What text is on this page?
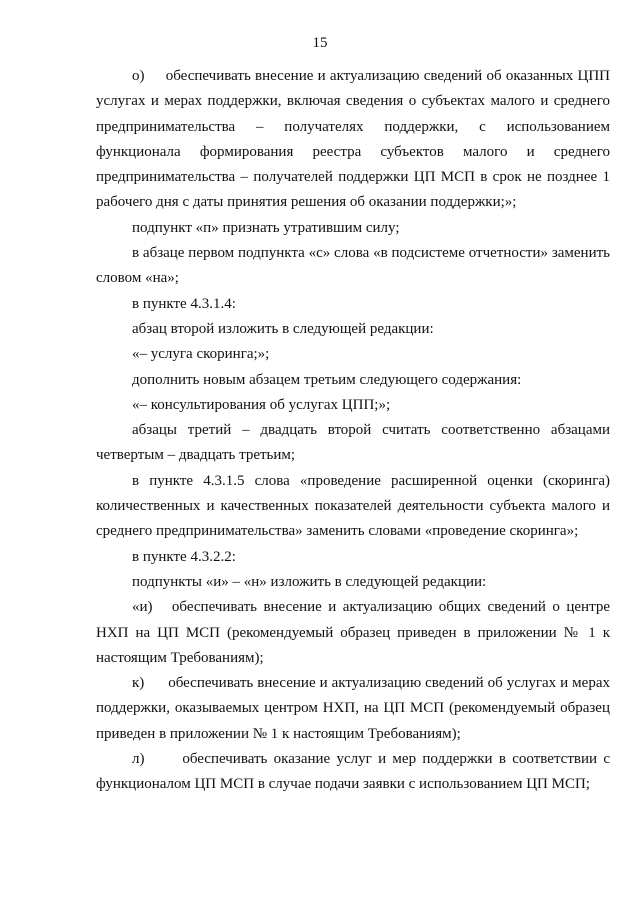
15

о)     обеспечивать внесение и актуализацию сведений об оказанных ЦПП услугах и мерах поддержки, включая сведения о субъектах малого и среднего предпринимательства – получателях поддержки, с использованием функционала формирования реестра субъектов малого и среднего предпринимательства – получателей поддержки ЦП МСП в срок не позднее 1 рабочего дня с даты принятия решения об оказании поддержки;»;

подпункт «п» признать утратившим силу;

в абзаце первом подпункта «с» слова «в подсистеме отчетности» заменить словом «на»;

в пункте 4.3.1.4:

абзац второй изложить в следующей редакции:

«– услуга скоринга;»;

дополнить новым абзацем третьим следующего содержания:

«– консультирования об услугах ЦПП;»;

абзацы третий – двадцать второй считать соответственно абзацами четвертым – двадцать третьим;

в пункте 4.3.1.5 слова «проведение расширенной оценки (скоринга) количественных и качественных показателей деятельности субъекта малого и среднего предпринимательства» заменить словами «проведение скоринга»;

в пункте 4.3.2.2:

подпункты «и» – «н» изложить в следующей редакции:

«и)   обеспечивать внесение и актуализацию общих сведений о центре НХП на ЦП МСП (рекомендуемый образец приведен в приложении № 1 к настоящим Требованиям);

к)      обеспечивать внесение и актуализацию сведений об услугах и мерах поддержки, оказываемых центром НХП, на ЦП МСП (рекомендуемый образец приведен в приложении № 1 к настоящим Требованиям);

л)      обеспечивать оказание услуг и мер поддержки в соответствии с функционалом ЦП МСП в случае подачи заявки с использованием ЦП МСП;
